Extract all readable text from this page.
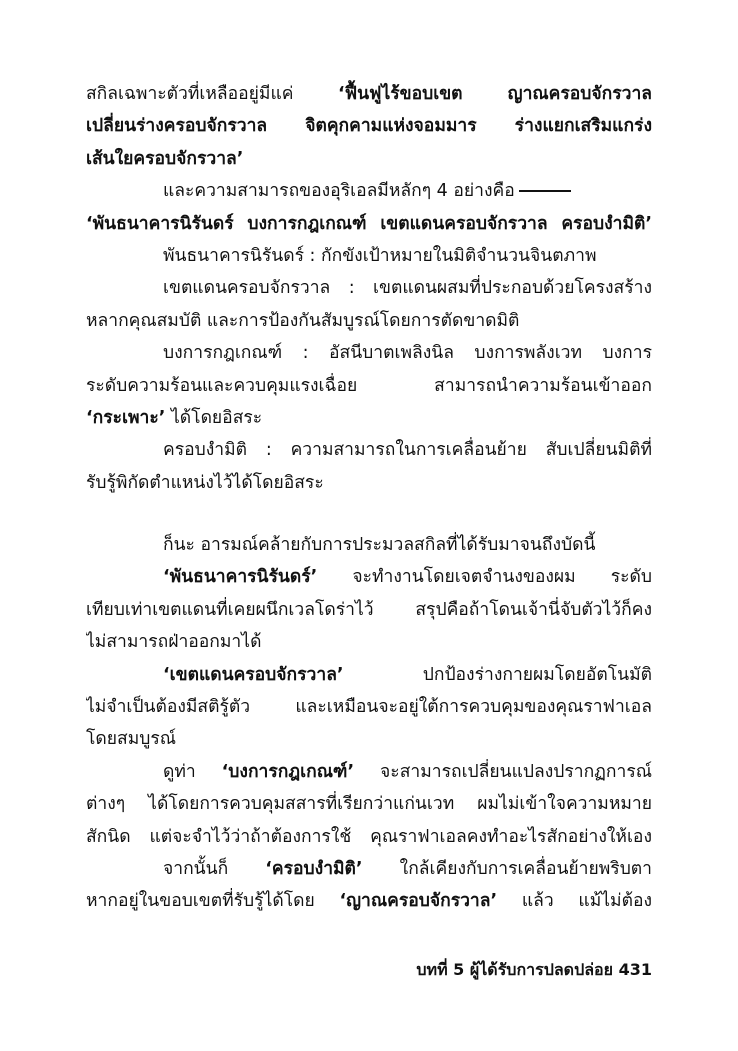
สกิลเฉพาะตัวที่เหลืออยู่มีแค่ ‘ฟื้นฟูไร้ขอบเขต ญาณครอบจักรวาล
เปลี่ยนร่างครอบจักรวาล จิตคุกคามแห่งจอมมาร ร่างแยกเสริมแกร่ง
เส้นใยครอบจักรวาล’
และความสามารถของอุริเอลมีหลักๆ 4 อย่างคือ
‘พันธนาคารนิรันดร์ บงการกฎเกณฑ์ เขตแดนครอบจักรวาล ครอบงำมิติ’
พันธนาคารนิรันดร์ : กักขังเป้าหมายในมิติจำนวนจินตภาพ
เขตแดนครอบจักรวาล : เขตแดนผสมที่ประกอบด้วยโครงสร้าง
หลากคุณสมบัติ และการป้องกันสัมบูรณ์โดยการตัดขาดมิติ
บงการกฎเกณฑ์ : อัสนีบาตเพลิงนิล บงการพลังเวท บงการ
ระดับความร้อนและควบคุมแรงเฉื่อย สามารถนำความร้อนเข้าออก
‘กระเพาะ’ ได้โดยอิสระ
ครอบงำมิติ : ความสามารถในการเคลื่อนย้าย สับเปลี่ยนมิติที่
รับรู้พิกัดตำแหน่งไว้ได้โดยอิสระ
ก็นะ อารมณ์คล้ายกับการประมวลสกิลที่ได้รับมาจนถึงบัดนี้
‘พันธนาคารนิรันดร์’ จะทำงานโดยเจตจำนงของผม ระดับ
เทียบเท่าเขตแดนที่เคยผนึกเวลโดร่าไว้ สรุปคือถ้าโดนเจ้านี่จับตัวไว้ก็คง
ไม่สามารถฝ่าออกมาได้
‘เขตแดนครอบจักรวาล’ ปกป้องร่างกายผมโดยอัตโนมัติ
ไม่จำเป็นต้องมีสติรู้ตัว และเหมือนจะอยู่ใต้การควบคุมของคุณราฟาเอล
โดยสมบูรณ์
ดูท่า ‘บงการกฎเกณฑ์’ จะสามารถเปลี่ยนแปลงปรากฏการณ์
ต่างๆ ได้โดยการควบคุมสสารที่เรียกว่าแก่นเวท ผมไม่เข้าใจความหมาย
สักนิด แต่จะจำไว้ว่าถ้าต้องการใช้ คุณราฟาเอลคงทำอะไรสักอย่างให้เอง
จากนั้นก็ ‘ครอบงำมิติ’ ใกล้เคียงกับการเคลื่อนย้ายพริบตา
หากอยู่ในขอบเขตที่รับรู้ได้โดย ‘ญาณครอบจักรวาล’ แล้ว แม้ไม่ต้อง
บทที่ 5 ผู้ได้รับการปลดปล่อย 431
